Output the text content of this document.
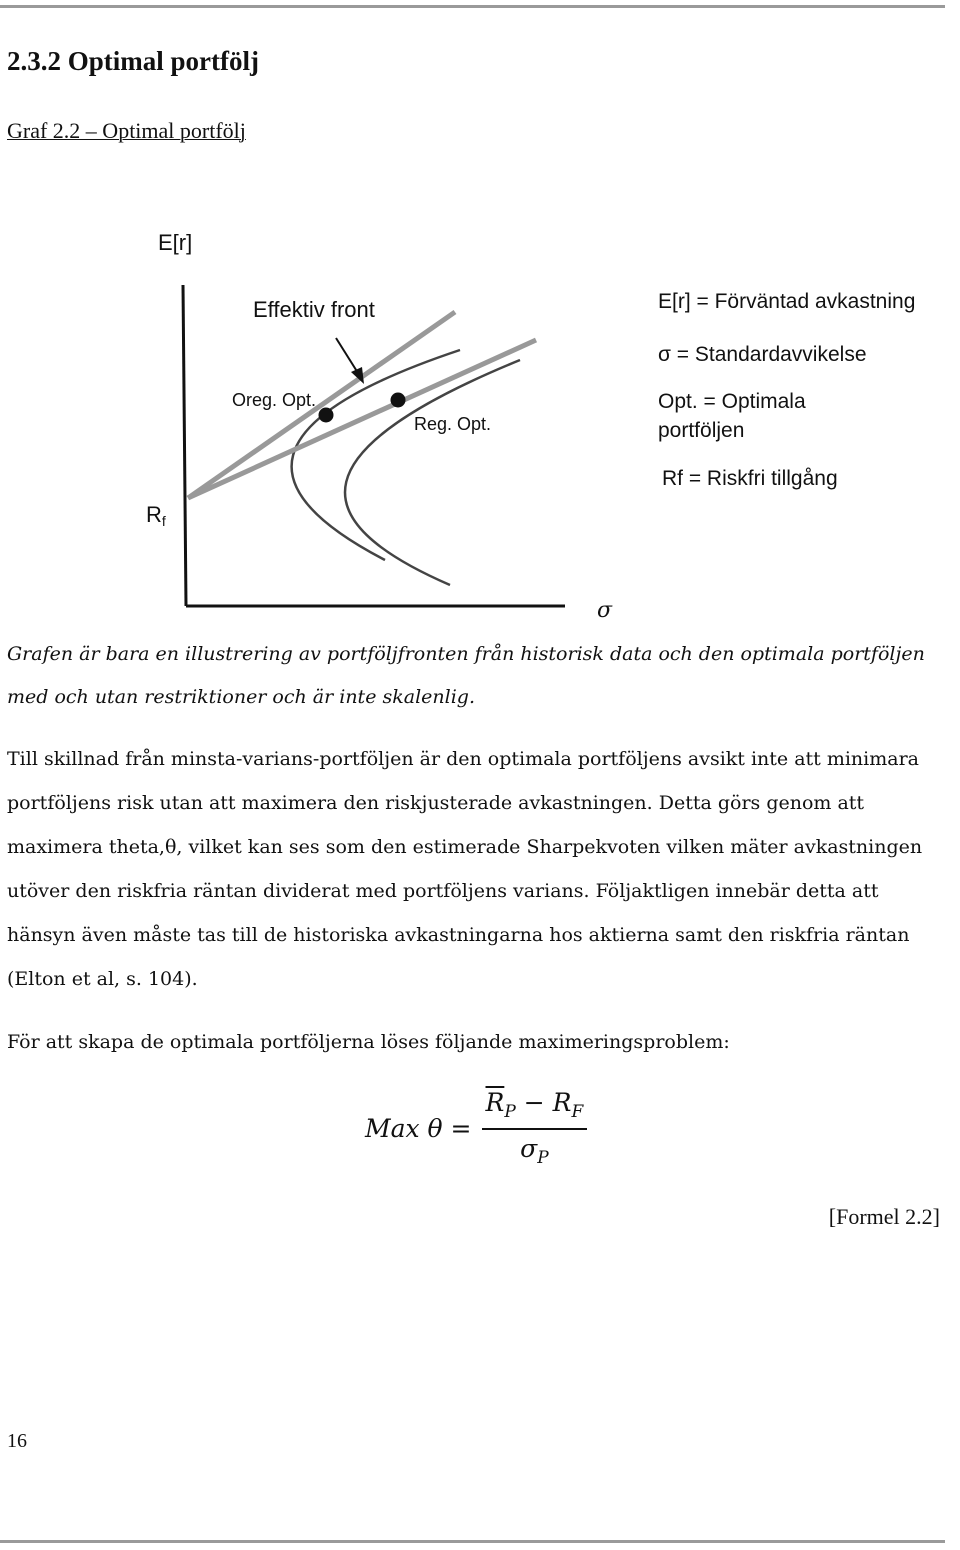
2.3.2 Optimal portfölj
Graf 2.2 – Optimal portfölj
E[r]
Rf
σ
Effektiv front
Oreg. Opt.
Reg. Opt.
E[r] = Förväntad avkastning
σ = Standardavvikelse
Opt. = Optimala
portföljen
Rf = Riskfri tillgång

Grafen är bara en illustrering av portföljfronten från historisk data och den optimala portföljen med och utan restriktioner och är inte skalenlig.

Till skillnad från minsta-varians-portföljen är den optimala portföljens avsikt inte att minimara portföljens risk utan att maximera den riskjusterade avkastningen. Detta görs genom att maximera theta,θ, vilket kan ses som den estimerade Sharpekvoten vilken mäter avkastningen utöver den riskfria räntan dividerat med portföljens varians. Följaktligen innebär detta att hänsyn även måste tas till de historiska avkastningarna hos aktierna samt den riskfria räntan (Elton et al, s. 104).

För att skapa de optimala portföljerna löses följande maximeringsproblem:

Max $\theta = \frac{\overline{R}_P - R_F}{\sigma_P}$
[Formel 2.2]
16
